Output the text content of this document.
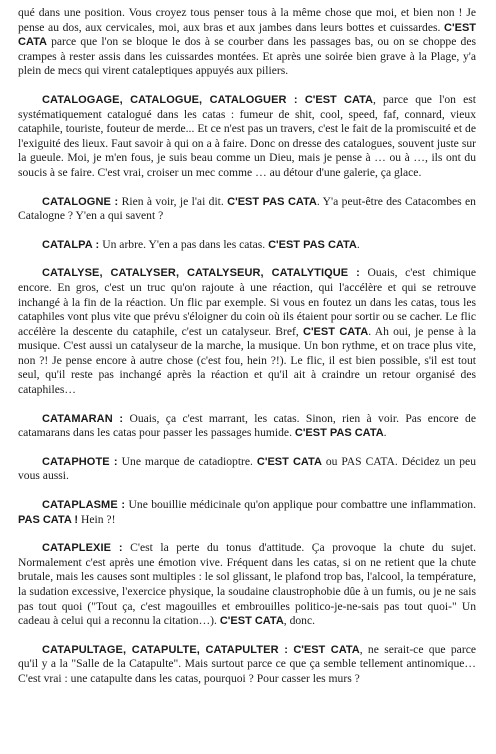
qué dans une position. Vous croyez tous penser tous à la même chose que moi, et bien non ! Je pense au dos, aux cervicales, moi, aux bras et aux jambes dans leurs bottes et cuissardes. C'EST CATA parce que l'on se bloque le dos à se courber dans les passages bas, ou on se choppe des crampes à rester assis dans les cuissardes montées. Et après une soirée bien grave à la Plage, y'a plein de mecs qui virent cataleptiques appuyés aux piliers.

CATALOGAGE, CATALOGUE, CATALOGUER : C'EST CATA, parce que l'on est systématiquement catalogué dans les catas : fumeur de shit, cool, speed, faf, connard, vieux cataphile, touriste, fouteur de merde... Et ce n'est pas un travers, c'est le fait de la promiscuité et de l'exiguité des lieux. Faut savoir à qui on a à faire. Donc on dresse des catalogues, souvent juste sur la gueule. Moi, je m'en fous, je suis beau comme un Dieu, mais je pense à … ou à …, ils ont du soucis à se faire. C'est vrai, croiser un mec comme … au détour d'une galerie, ça glace.

CATALOGNE : Rien à voir, je l'ai dit. C'EST PAS CATA. Y'a peut-être des Catacombes en Catalogne ? Y'en a qui savent ?

CATALPA : Un arbre. Y'en a pas dans les catas. C'EST PAS CATA.

CATALYSE, CATALYSER, CATALYSEUR, CATALYTIQUE : Ouais, c'est chimique encore. En gros, c'est un truc qu'on rajoute à une réaction, qui l'accélère et qui se retrouve inchangé à la fin de la réaction. Un flic par exemple. Si vous en foutez un dans les catas, tous les cataphiles vont plus vite que prévu s'éloigner du coin où ils étaient pour sortir ou se cacher. Le flic accélère la descente du cataphile, c'est un catalyseur. Bref, C'EST CATA. Ah oui, je pense à la musique. C'est aussi un catalyseur de la marche, la musique. Un bon rythme, et on trace plus vite, non ?! Je pense encore à autre chose (c'est fou, hein ?!). Le flic, il est bien possible, s'il est tout seul, qu'il reste pas inchangé après la réaction et qu'il ait à craindre un retour organisé des cataphiles…

CATAMARAN : Ouais, ça c'est marrant, les catas. Sinon, rien à voir. Pas encore de catamarans dans les catas pour passer les passages humide. C'EST PAS CATA.

CATAPHOTE : Une marque de catadioptre. C'EST CATA ou PAS CATA. Décidez un peu vous aussi.

CATAPLASME : Une bouillie médicinale qu'on applique pour combattre une inflammation. PAS CATA ! Hein ?!

CATAPLEXIE : C'est la perte du tonus d'attitude. Ça provoque la chute du sujet. Normalement c'est après une émotion vive. Fréquent dans les catas, si on ne retient que la chute brutale, mais les causes sont multiples : le sol glissant, le plafond trop bas, l'alcool, la température, la sudation excessive, l'exercice physique, la soudaine claustrophobie dûe à un fumis, ou je ne sais pas tout quoi ("Tout ça, c'est magouilles et embrouilles politico-je-ne-sais pas tout quoi-" Un cadeau à celui qui a reconnu la citation…). C'EST CATA, donc.

CATAPULTAGE, CATAPULTE, CATAPULTER : C'EST CATA, ne serait-ce que parce qu'il y a la "Salle de la Catapulte". Mais surtout parce ce que ça semble tellement antinomique… C'est vrai : une catapulte dans les catas, pourquoi ? Pour casser les murs ?
